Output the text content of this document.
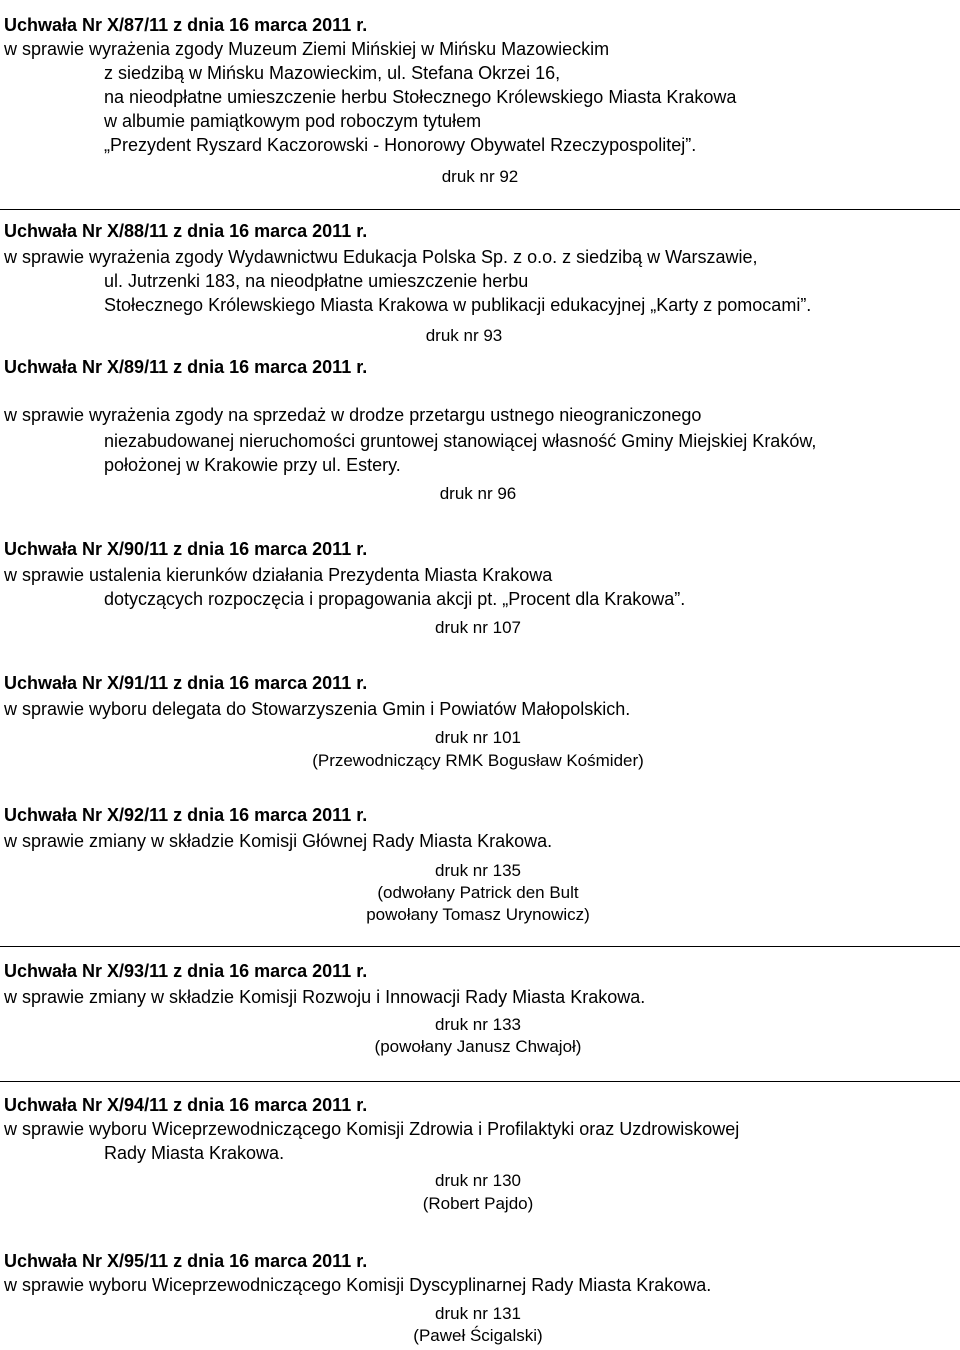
Uchwała Nr X/87/11 z dnia 16 marca 2011 r.
w sprawie wyrażenia zgody Muzeum Ziemi Mińskiej w Mińsku Mazowieckim
z siedzibą w Mińsku Mazowieckim, ul. Stefana Okrzei 16,
na nieodpłatne umieszczenie herbu Stołecznego Królewskiego Miasta Krakowa
w albumie pamiątkowym pod roboczym tytułem
„Prezydent Ryszard Kaczorowski - Honorowy Obywatel Rzeczypospolitej”.
druk nr 92
Uchwała Nr X/88/11 z dnia 16 marca 2011 r.
w sprawie wyrażenia zgody Wydawnictwu Edukacja Polska Sp. z o.o. z siedzibą w Warszawie,
ul. Jutrzenki 183, na nieodpłatne umieszczenie herbu
Stołecznego Królewskiego Miasta Krakowa w publikacji edukacyjnej „Karty z pomocami”.
druk nr 93
Uchwała Nr X/89/11 z dnia 16 marca 2011 r.
w sprawie wyrażenia zgody na sprzedaż w drodze przetargu ustnego nieograniczonego
niezabudowanej nieruchomości gruntowej stanowiącej własność Gminy Miejskiej Kraków,
położonej w Krakowie przy ul. Estery.
druk nr 96
Uchwała Nr X/90/11 z dnia 16 marca 2011 r.
w sprawie ustalenia kierunków działania Prezydenta Miasta Krakowa
dotyczących rozpoczęcia i propagowania akcji pt. „Procent dla Krakowa”.
druk nr 107
Uchwała Nr X/91/11 z dnia 16 marca 2011 r.
w sprawie wyboru delegata do Stowarzyszenia Gmin i Powiatów Małopolskich.
druk nr 101
(Przewodniczący RMK Bogusław Kośmider)
Uchwała Nr X/92/11 z dnia 16 marca 2011 r.
w sprawie zmiany w składzie Komisji Głównej Rady Miasta Krakowa.
druk nr 135
(odwołany Patrick den Bult
powołany Tomasz Urynowicz)
Uchwała Nr X/93/11 z dnia 16 marca 2011 r.
w sprawie zmiany w składzie Komisji Rozwoju i Innowacji Rady Miasta Krakowa.
druk nr 133
(powołany Janusz Chwajoł)
Uchwała Nr X/94/11 z dnia 16 marca 2011 r.
w sprawie wyboru Wiceprzewodniczącego Komisji Zdrowia i Profilaktyki oraz Uzdrowiskowej
Rady Miasta Krakowa.
druk nr 130
(Robert Pajdo)
Uchwała Nr X/95/11 z dnia 16 marca 2011 r.
w sprawie wyboru Wiceprzewodniczącego Komisji Dyscyplinarnej Rady Miasta Krakowa.
druk nr 131
(Paweł Ścigalski)
